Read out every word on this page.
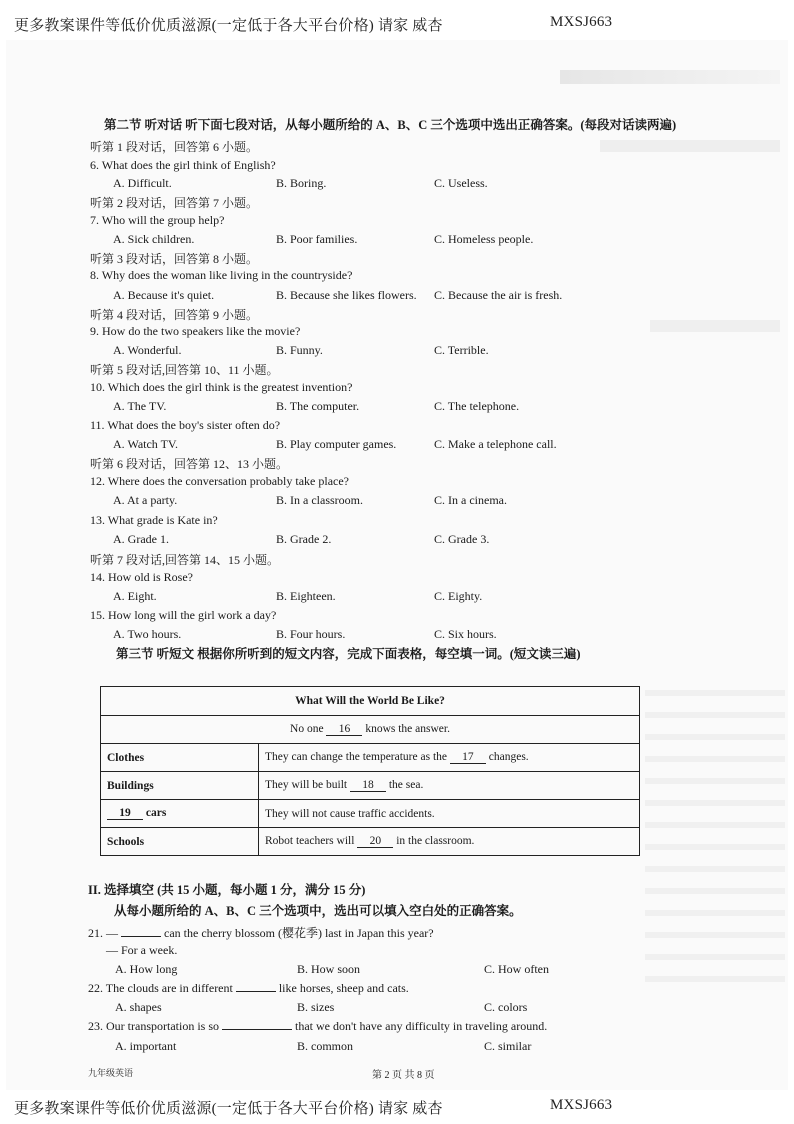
更多教案课件等低价优质滋源(一定低于各大平台价格) 请家 威杏	MXSJ663
第二节 听对话 听下面七段对话，从每小题所给的 A、B、C 三个选项中选出正确答案。(每段对话读两遍)
听第 1 段对话，回答第 6 小题。
6. What does the girl think of English?
A. Difficult.	B. Boring.	C. Useless.
听第 2 段对话，回答第 7 小题。
7. Who will the group help?
A. Sick children.	B. Poor families.	C. Homeless people.
听第 3 段对话，回答第 8 小题。
8. Why does the woman like living in the countryside?
A. Because it's quiet.	B. Because she likes flowers. C. Because the air is fresh.
听第 4 段对话，回答第 9 小题。
9. How do the two speakers like the movie?
A. Wonderful.	B. Funny.	C. Terrible.
听第 5 段对话,回答第 10、11 小题。
10. Which does the girl think is the greatest invention?
A. The TV.	B. The computer.	C. The telephone.
11. What does the boy's sister often do?
A. Watch TV.	B. Play computer games.	C. Make a telephone call.
听第 6 段对话，回答第 12、13 小题。
12. Where does the conversation probably take place?
A. At a party.	B. In a classroom.	C. In a cinema.
13. What grade is Kate in?
A. Grade 1.	B. Grade 2.	C. Grade 3.
听第 7 段对话,回答第 14、15 小题。
14. How old is Rose?
A. Eight.	B. Eighteen.	C. Eighty.
15. How long will the girl work a day?
A. Two hours.	B. Four hours.	C. Six hours.
第三节 听短文 根据你所听到的短文内容，完成下面表格，每空填一词。(短文读三遍)
What Will the World Be Like?	
No one 16 knows the answer.	
Clothes	They can change the temperature as the 17 changes.
Buildings	They will be built 18 the sea.
19 cars	They will not cause traffic accidents.
Schools	Robot teachers will 20 in the classroom.
II. 选择填空 (共 15 小题，每小题 1 分，满分 15 分)
从每小题所给的 A、B、C 三个选项中，选出可以填入空白处的正确答案。
21. —	can the cherry blossom (樱花季) last in Japan this year?
— For a week.
A. How long	B. How soon	C. How often
22. The clouds are in different	like horses, sheep and cats.
A. shapes	B. sizes	C. colors
23. Our transportation is so	that we don't have any difficulty in traveling around.
A. important	B. common	C. similar
九年级英语	第 2 页 共 8 页
更多教案课件等低价优质滋源(一定低于各大平台价格) 请家 威杏	MXSJ663
